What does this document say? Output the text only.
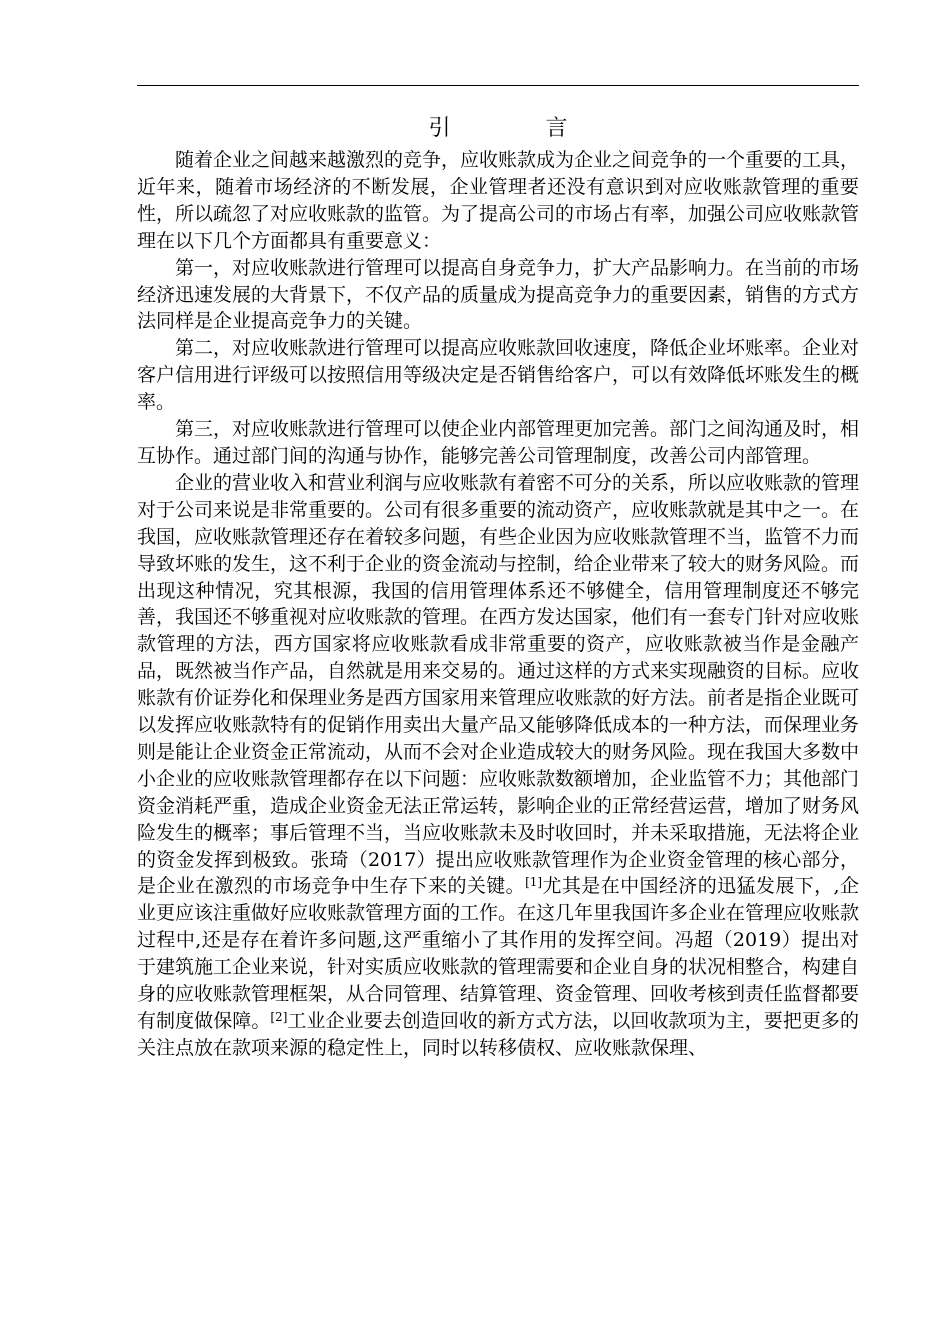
引 言

随着企业之间越来越激烈的竞争，应收账款成为企业之间竞争的一个重要的工具，近年来，随着市场经济的不断发展，企业管理者还没有意识到对应收账款管理的重要性，所以疏忽了对应收账款的监管。为了提高公司的市场占有率，加强公司应收账款管理在以下几个方面都具有重要意义：

第一，对应收账款进行管理可以提高自身竞争力，扩大产品影响力。在当前的市场经济迅速发展的大背景下，不仅产品的质量成为提高竞争力的重要因素，销售的方式方法同样是企业提高竞争力的关键。

第二，对应收账款进行管理可以提高应收账款回收速度，降低企业坏账率。企业对客户信用进行评级可以按照信用等级决定是否销售给客户，可以有效降低坏账发生的概率。

第三，对应收账款进行管理可以使企业内部管理更加完善。部门之间沟通及时，相互协作。通过部门间的沟通与协作，能够完善公司管理制度，改善公司内部管理。

企业的营业收入和营业利润与应收账款有着密不可分的关系，所以应收账款的管理对于公司来说是非常重要的。公司有很多重要的流动资产，应收账款就是其中之一。在我国，应收账款管理还存在着较多问题，有些企业因为应收账款管理不当，监管不力而导致坏账的发生，这不利于企业的资金流动与控制，给企业带来了较大的财务风险。而出现这种情况，究其根源，我国的信用管理体系还不够健全，信用管理制度还不够完善，我国还不够重视对应收账款的管理。在西方发达国家，他们有一套专门针对应收账款管理的方法，西方国家将应收账款看成非常重要的资产，应收账款被当作是金融产品，既然被当作产品，自然就是用来交易的。通过这样的方式来实现融资的目标。应收账款有价证券化和保理业务是西方国家用来管理应收账款的好方法。前者是指企业既可以发挥应收账款特有的促销作用卖出大量产品又能够降低成本的一种方法，而保理业务则是能让企业资金正常流动，从而不会对企业造成较大的财务风险。现在我国大多数中小企业的应收账款管理都存在以下问题：应收账款数额增加，企业监管不力；其他部门资金消耗严重，造成企业资金无法正常运转，影响企业的正常经营运营，增加了财务风险发生的概率；事后管理不当，当应收账款未及时收回时，并未采取措施，无法将企业的资金发挥到极致。张琦（2017）提出应收账款管理作为企业资金管理的核心部分，是企业在激烈的市场竞争中生存下来的关键。[1]尤其是在中国经济的迅猛发展下，,企业更应该注重做好应收账款管理方面的工作。在这几年里我国许多企业在管理应收账款过程中,还是存在着许多问题,这严重缩小了其作用的发挥空间。冯超（2019）提出对于建筑施工企业来说，针对实质应收账款的管理需要和企业自身的状况相整合，构建自身的应收账款管理框架，从合同管理、结算管理、资金管理、回收考核到责任监督都要有制度做保障。[2]工业企业要去创造回收的新方式方法，以回收款项为主，要把更多的关注点放在款项来源的稳定性上，同时以转移债权、应收账款保理、
